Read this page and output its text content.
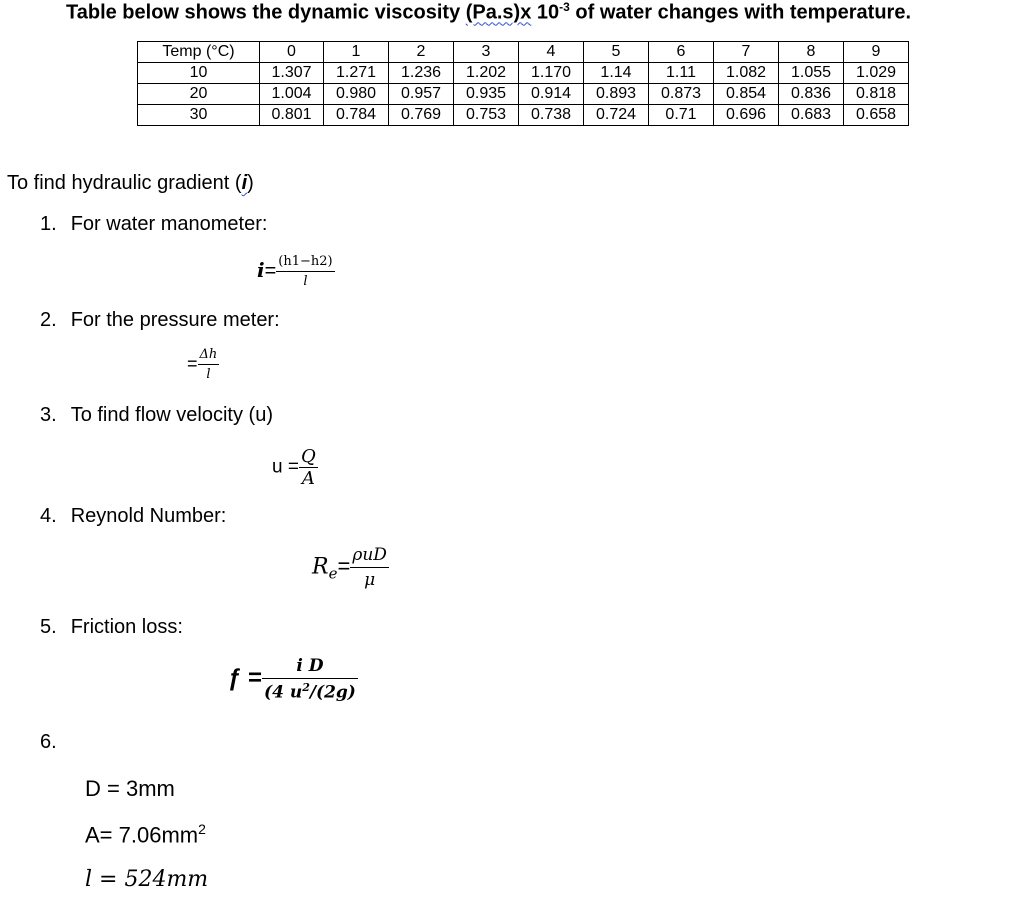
Table below shows the dynamic viscosity (Pa.s)x $10^{-3}$ of water changes with temperature.
Temp (°C)	0	1	2	3	4	5	6	7	8	9
10	1.307	1.271	1.236	1.202	1.170	1.14	1.11	1.082	1.055	1.029
20	1.004	0.980	0.957	0.935	0.914	0.893	0.873	0.854	0.836	0.818
30	0.801	0.784	0.769	0.753	0.738	0.724	0.71	0.696	0.683	0.658
To find hydraulic gradient (i)
1. For water manometer:
$i= \frac{(h1-h2)}{l}$
2. For the pressure meter:
= $\frac{\Delta h}{l}$
3. To find flow velocity (u)
$u = \frac{Q}{A}$
4. Reynold Number:
$R_e= \frac{\text{ρuD}}{\mu}$
5. Friction loss:
ƒ = $\frac{\text{i D}}{(4 u^2/(2g)}$
6.
D = 3mm
$A= 7.06mm^2$
l = 524mm
